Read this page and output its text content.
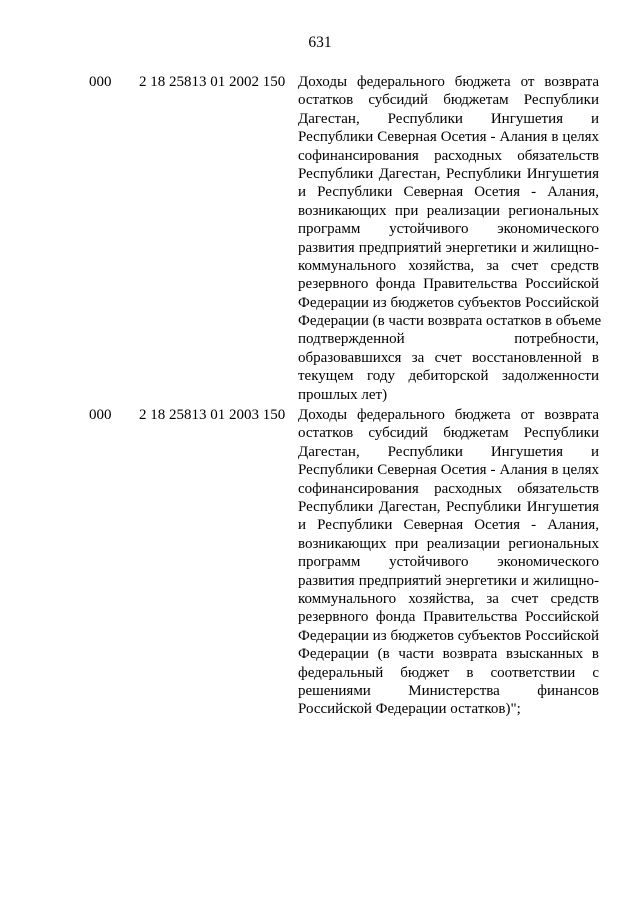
631
000 2 18 25813 01 2002 150 Доходы федерального бюджета от возврата
остатков субсидий бюджетам Республики
Дагестан, Республики Ингушетия и
Республики Северная Осетия - Алания в целях
софинансирования расходных обязательств
Республики Дагестан, Республики Ингушетия
и Республики Северная Осетия - Алания,
возникающих при реализации региональных
программ устойчивого экономического
развития предприятий энергетики и жилищно-
коммунального хозяйства, за счет средств
резервного фонда Правительства Российской
Федерации из бюджетов субъектов Российской
Федерации (в части возврата остатков в объеме
подтвержденной потребности,
образовавшихся за счет восстановленной в
текущем году дебиторской задолженности
прошлых лет)
000 2 18 25813 01 2003 150 Доходы федерального бюджета от возврата
остатков субсидий бюджетам Республики
Дагестан, Республики Ингушетия и
Республики Северная Осетия - Алания в целях
софинансирования расходных обязательств
Республики Дагестан, Республики Ингушетия
и Республики Северная Осетия - Алания,
возникающих при реализации региональных
программ устойчивого экономического
развития предприятий энергетики и жилищно-
коммунального хозяйства, за счет средств
резервного фонда Правительства Российской
Федерации из бюджетов субъектов Российской
Федерации (в части возврата взысканных в
федеральный бюджет в соответствии с
решениями Министерства финансов
Российской Федерации остатков)";
